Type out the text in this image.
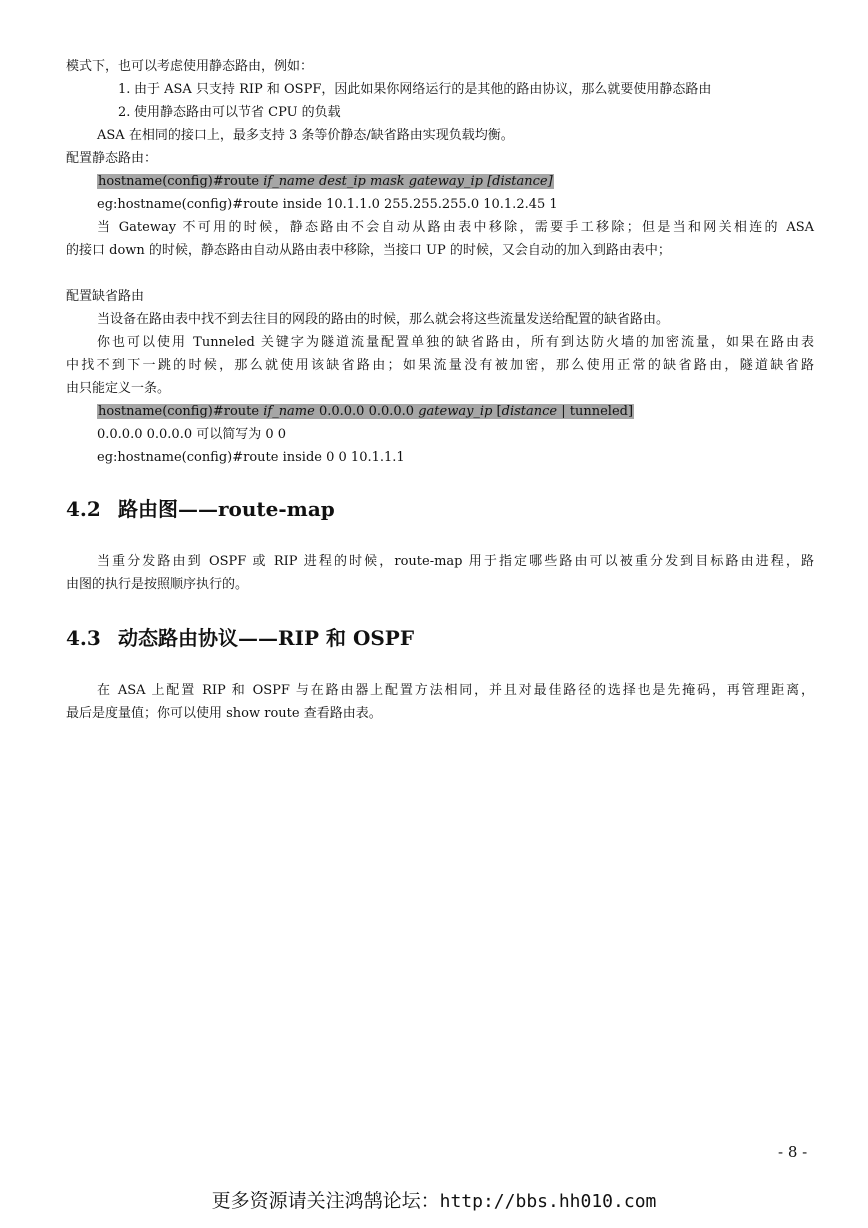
模式下，也可以考虑使用静态路由，例如：
1. 由于 ASA 只支持 RIP 和 OSPF，因此如果你网络运行的是其他的路由协议，那么就要使用静态路由
2. 使用静态路由可以节省 CPU 的负载
ASA 在相同的接口上，最多支持 3 条等价静态/缺省路由实现负载均衡。
配置静态路由：
hostname(config)#route if_name dest_ip mask gateway_ip [distance]
eg:hostname(config)#route inside 10.1.1.0 255.255.255.0 10.1.2.45 1
当 Gateway 不可用的时候，静态路由不会自动从路由表中移除，需要手工移除；但是当和网关相连的 ASA
的接口 down 的时候，静态路由自动从路由表中移除，当接口 UP 的时候，又会自动的加入到路由表中；
配置缺省路由
当设备在路由表中找不到去往目的网段的路由的时候，那么就会将这些流量发送给配置的缺省路由。
你也可以使用 Tunneled 关键字为隧道流量配置单独的缺省路由，所有到达防火墙的加密流量，如果在路由表
中找不到下一跳的时候，那么就使用该缺省路由；如果流量没有被加密，那么使用正常的缺省路由，隧道缺省路
由只能定义一条。
hostname(config)#route if_name 0.0.0.0 0.0.0.0 gateway_ip [distance | tunneled]
0.0.0.0 0.0.0.0 可以简写为 0 0
eg:hostname(config)#route inside 0 0 10.1.1.1
4.2 路由图——route-map
当重分发路由到 OSPF 或 RIP 进程的时候，route-map 用于指定哪些路由可以被重分发到目标路由进程，路
由图的执行是按照顺序执行的。
4.3 动态路由协议——RIP 和 OSPF
在 ASA 上配置 RIP 和 OSPF 与在路由器上配置方法相同，并且对最佳路径的选择也是先掩码，再管理距离，
最后是度量值；你可以使用 show route 查看路由表。
- 8 -
更多资源请关注鸿鹄论坛：http://bbs.hh010.com
